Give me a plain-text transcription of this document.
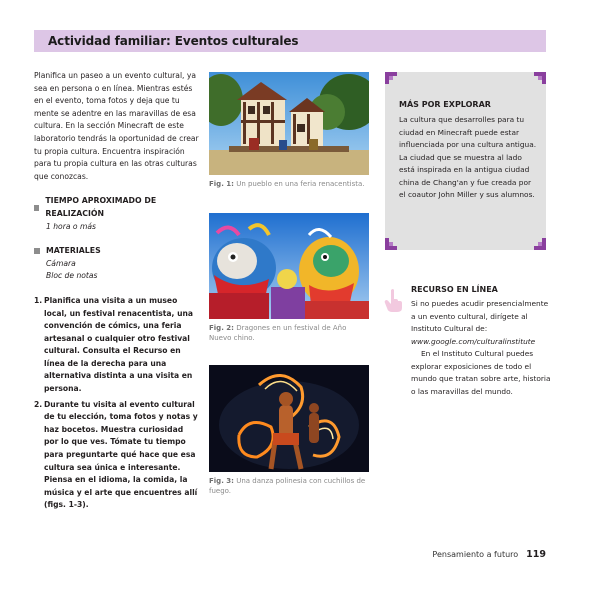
Actividad familiar: Eventos culturales

Planifica un paseo a un evento cultural, ya sea en persona o en línea. Mientras estés en el evento, toma fotos y deja que tu mente se adentre en las maravillas de esa cultura. En la sección Minecraft de este laboratorio tendrás la oportunidad de crear tu propia cultura. Encuentra inspiración para tu propia cultura en las otras culturas que conozcas.

TIEMPO APROXIMADO DE REALIZACIÓN
1 hora o más
MATERIALES
Cámara
Bloc de notas
1. Planifica una visita a un museo local, un festival renacentista, una convención de cómics, una feria artesanal o cualquier otro festival cultural. Consulta el Recurso en línea de la derecha para una alternativa distinta a una visita en persona.
2. Durante tu visita al evento cultural de tu elección, toma fotos y notas y haz bocetos. Muestra curiosidad por lo que ves. Tómate tu tiempo para preguntarte qué hace que esa cultura sea única e interesante. Piensa en el idioma, la comida, la música y el arte que encuentres allí (figs. 1-3).
Fig. 1: Un pueblo en una feria renacentista.
Fig. 2: Dragones en un festival de Año Nuevo chino.
Fig. 3: Una danza polinesia con cuchillos de fuego.
MÁS POR EXPLORAR
La cultura que desarrolles para tu ciudad en Minecraft puede estar influenciada por una cultura antigua. La ciudad que se muestra al lado está inspirada en la antigua ciudad china de Chang'an y fue creada por el coautor John Miller y sus alumnos.
RECURSO EN LÍNEA

Si no puedes acudir presencialmente a un evento cultural, dirígete al Instituto Cultural de:

www.google.com/culturalinstitute

En el Instituto Cultural puedes explorar exposiciones de todo el mundo que tratan sobre arte, historia o las maravillas del mundo.

Pensamiento a futuro 119
